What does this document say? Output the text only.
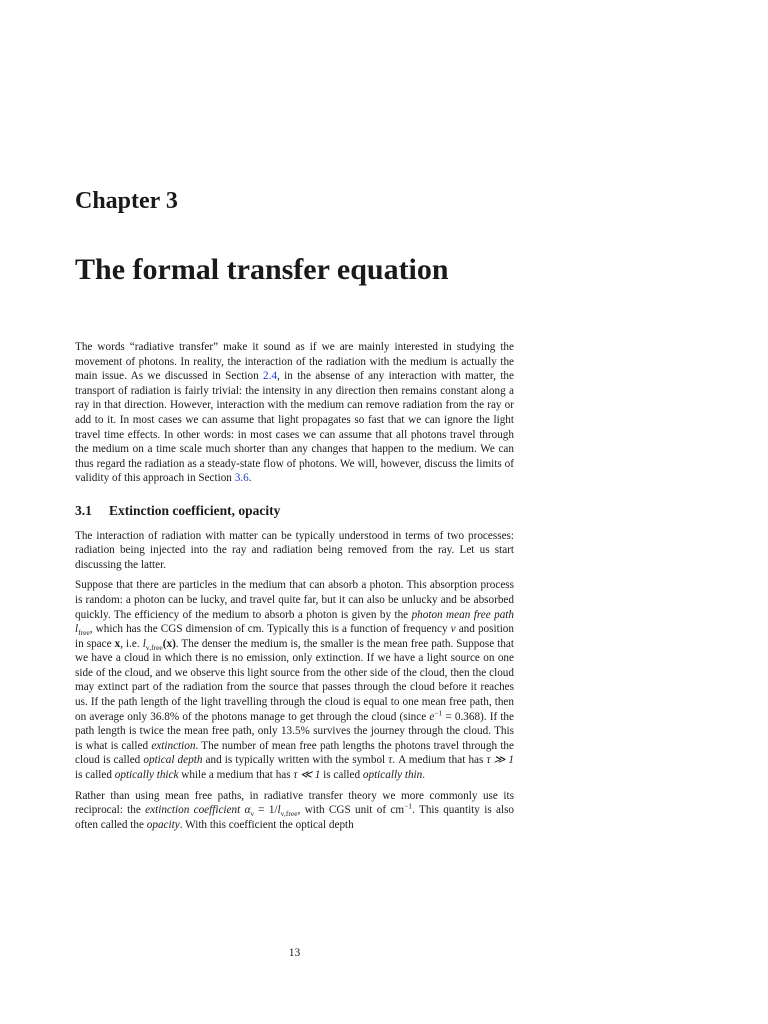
Chapter 3
The formal transfer equation

The words “radiative transfer” make it sound as if we are mainly interested in studying the movement of photons. In reality, the interaction of the radiation with the medium is actually the main issue. As we discussed in Section 2.4, in the absense of any interaction with matter, the transport of radiation is fairly trivial: the intensity in any direction then remains constant along a ray in that direction. However, interaction with the medium can remove radiation from the ray or add to it. In most cases we can assume that light propagates so fast that we can ignore the light travel time effects. In other words: in most cases we can assume that all photons travel through the medium on a time scale much shorter than any changes that happen to the medium. We can thus regard the radiation as a steady-state flow of photons. We will, however, discuss the limits of validity of this approach in Section 3.6.

3.1 Extinction coefficient, opacity

The interaction of radiation with matter can be typically understood in terms of two processes: radiation being injected into the ray and radiation being removed from the ray. Let us start discussing the latter.

Suppose that there are particles in the medium that can absorb a photon. This absorption process is random: a photon can be lucky, and travel quite far, but it can also be unlucky and be absorbed quickly. The efficiency of the medium to absorb a photon is given by the photon mean free path $l_{free}$, which has the CGS dimension of cm. Typically this is a function of frequency ν and position in space x, i.e. $l_{\nu,free}(x)$. The denser the medium is, the smaller is the mean free path. Suppose that we have a cloud in which there is no emission, only extinction. If we have a light source on one side of the cloud, and we observe this light source from the other side of the cloud, then the cloud may extinct part of the radiation from the source that passes through the cloud before it reaches us. If the path length of the light travelling through the cloud is equal to one mean free path, then on average only 36.8% of the photons manage to get through the cloud (since $e^{-1} = 0.368$). If the path length is twice the mean free path, only 13.5% survives the journey through the cloud. This is what is called extinction. The number of mean free path lengths the photons travel through the cloud is called optical depth and is typically written with the symbol τ. A medium that has τ ≫ 1 is called optically thick while a medium that has τ ≪ 1 is called optically thin.

Rather than using mean free paths, in radiative transfer theory we more commonly use its reciprocal: the extinction coefficient $\alpha_\nu = 1/l_{\nu,free}$, with CGS unit of $cm^{-1}$. This quantity is also often called the opacity. With this coefficient the optical depth

13
